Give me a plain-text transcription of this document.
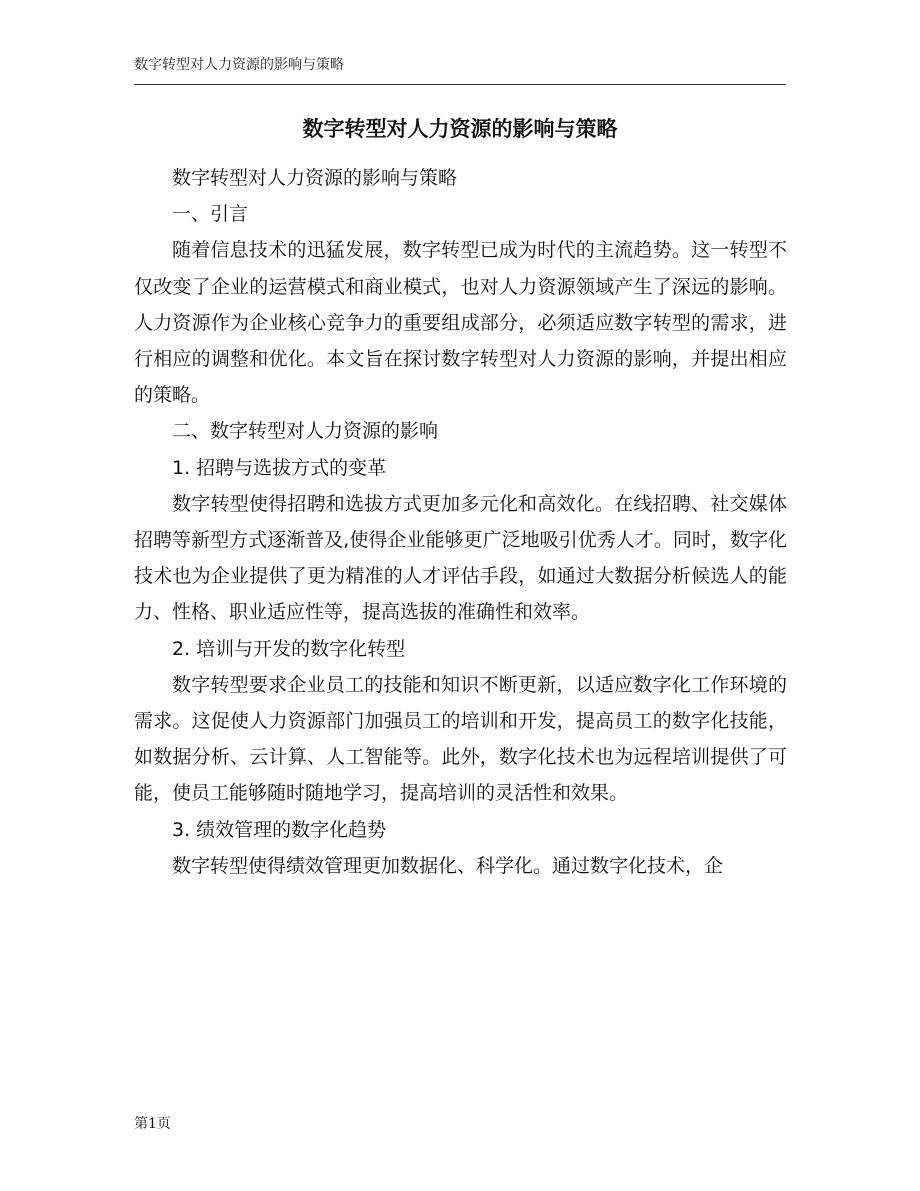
数字转型对人力资源的影响与策略
数字转型对人力资源的影响与策略

数字转型对人力资源的影响与策略

一、引言

随着信息技术的迅猛发展，数字转型已成为时代的主流趋势。这一转型不仅改变了企业的运营模式和商业模式，也对人力资源领域产生了深远的影响。人力资源作为企业核心竞争力的重要组成部分，必须适应数字转型的需求，进行相应的调整和优化。本文旨在探讨数字转型对人力资源的影响，并提出相应的策略。

二、数字转型对人力资源的影响

1. 招聘与选拔方式的变革

数字转型使得招聘和选拔方式更加多元化和高效化。在线招聘、社交媒体招聘等新型方式逐渐普及,使得企业能够更广泛地吸引优秀人才。同时，数字化技术也为企业提供了更为精准的人才评估手段，如通过大数据分析候选人的能力、性格、职业适应性等，提高选拔的准确性和效率。

2. 培训与开发的数字化转型

数字转型要求企业员工的技能和知识不断更新，以适应数字化工作环境的需求。这促使人力资源部门加强员工的培训和开发，提高员工的数字化技能，如数据分析、云计算、人工智能等。此外，数字化技术也为远程培训提供了可能，使员工能够随时随地学习，提高培训的灵活性和效果。

3. 绩效管理的数字化趋势

数字转型使得绩效管理更加数据化、科学化。通过数字化技术，企

第1页
